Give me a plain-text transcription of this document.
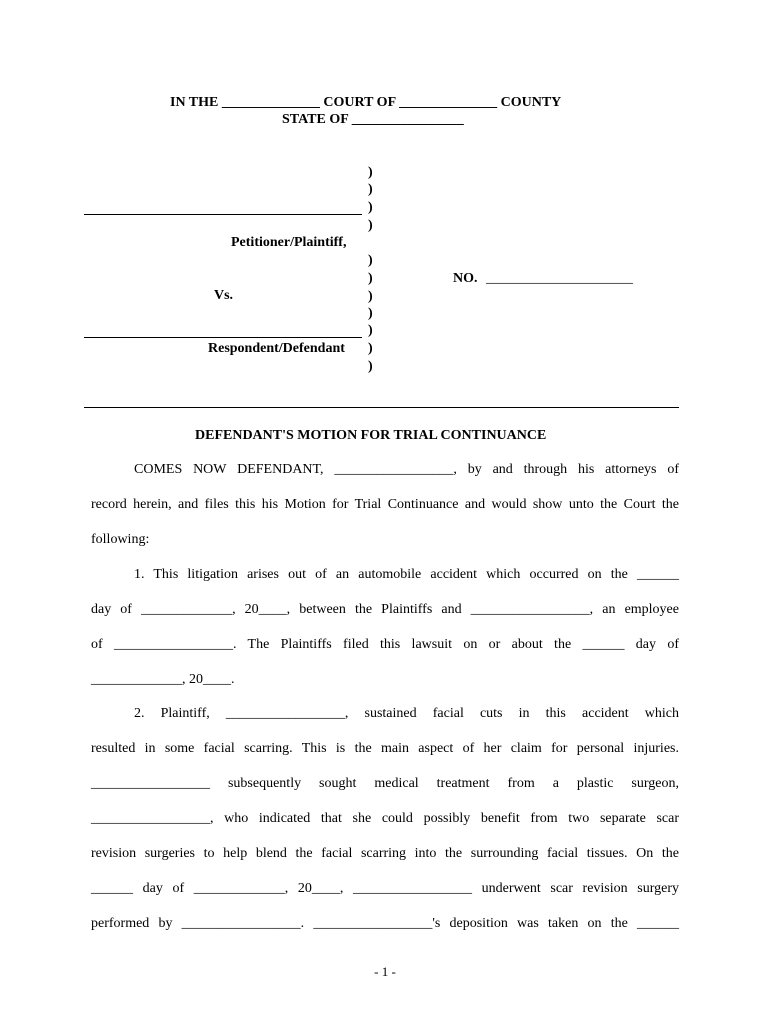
IN THE ______________ COURT OF ______________ COUNTY
STATE OF ________________
)
)
)
)
)
)
)
)
)
)
)
Petitioner/Plaintiff,
Vs.
Respondent/Defendant
NO. _____________________
DEFENDANT'S MOTION FOR TRIAL CONTINUANCE
COMES NOW DEFENDANT, _________________, by and through his attorneys of
record herein, and files this his Motion for Trial Continuance and would show unto the Court the
following:
1. This litigation arises out of an automobile accident which occurred on the ______
day of _____________, 20____, between the Plaintiffs and _________________, an employee
of _________________. The Plaintiffs filed this lawsuit on or about the ______ day of
_____________, 20____.
2. Plaintiff, _________________, sustained facial cuts in this accident which
resulted in some facial scarring. This is the main aspect of her claim for personal injuries.
_________________ subsequently sought medical treatment from a plastic surgeon,
_________________, who indicated that she could possibly benefit from two separate scar
revision surgeries to help blend the facial scarring into the surrounding facial tissues. On the
______ day of _____________, 20____, _________________ underwent scar revision surgery
performed by _________________. _________________'s deposition was taken on the ______
- 1 -
